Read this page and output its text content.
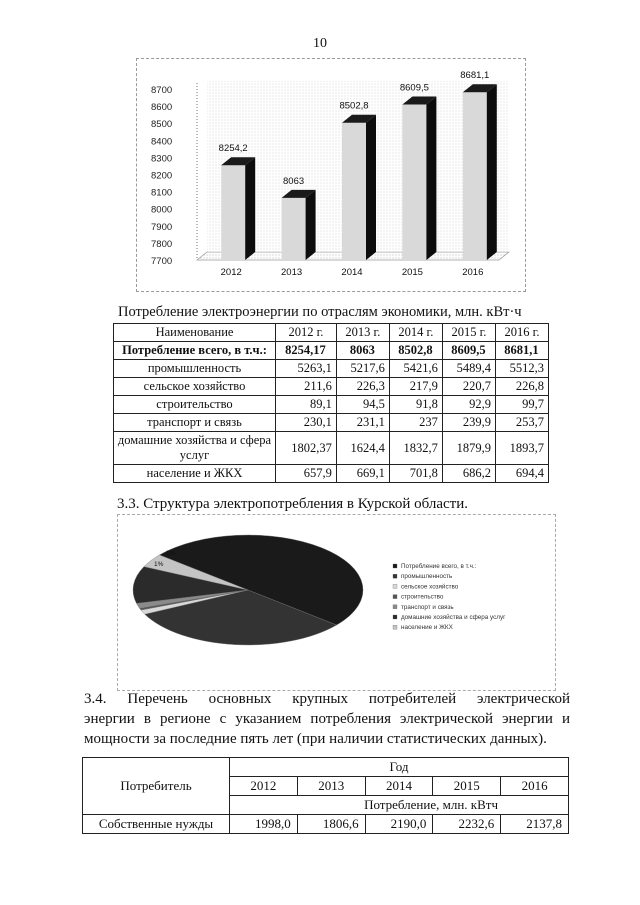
10
7700
7800
7900
8000
8100
8200
8300
8400
8500
8600
8700
8254,2
2012
8063
2013
8502,8
2014
8609,5
2015
8681,1
2016
Потребление электроэнергии по отраслям экономики, млн. кВт·ч
Наименование	2012 г.	2013 г.	2014 г.	2015 г.	2016 г.
Потребление всего, в т.ч.:	8254,17	8063	8502,8	8609,5	8681,1
промышленность	5263,1	5217,6	5421,6	5489,4	5512,3
сельское хозяйство	211,6	226,3	217,9	220,7	226,8
строительство	89,1	94,5	91,8	92,9	99,7
транспорт и связь	230,1	231,1	237	239,9	253,7
домашние хозяйства и сфера услуг	1802,37	1624,4	1832,7	1879,9	1893,7
население и ЖКХ	657,9	669,1	701,8	686,2	694,4
3.3. Структура электропотребления в Курской области.
1%
1%	Потребление всего, в т.ч.:
промышленность
сельское хозяйство
строительство
транспорт и связь
домашние хозяйства и сфера услуг
население и ЖКХ
3.4. Перечень основных крупных потребителей электрической
энергии в регионе с указанием потребления электрической энергии и
мощности за последние пять лет (при наличии статистических данных).
Потребитель	Год				
	2012	2013	2014	2015	2016
	Потребление, млн. кВтч				
Собственные нужды	1998,0	1806,6	2190,0	2232,6	2137,8
